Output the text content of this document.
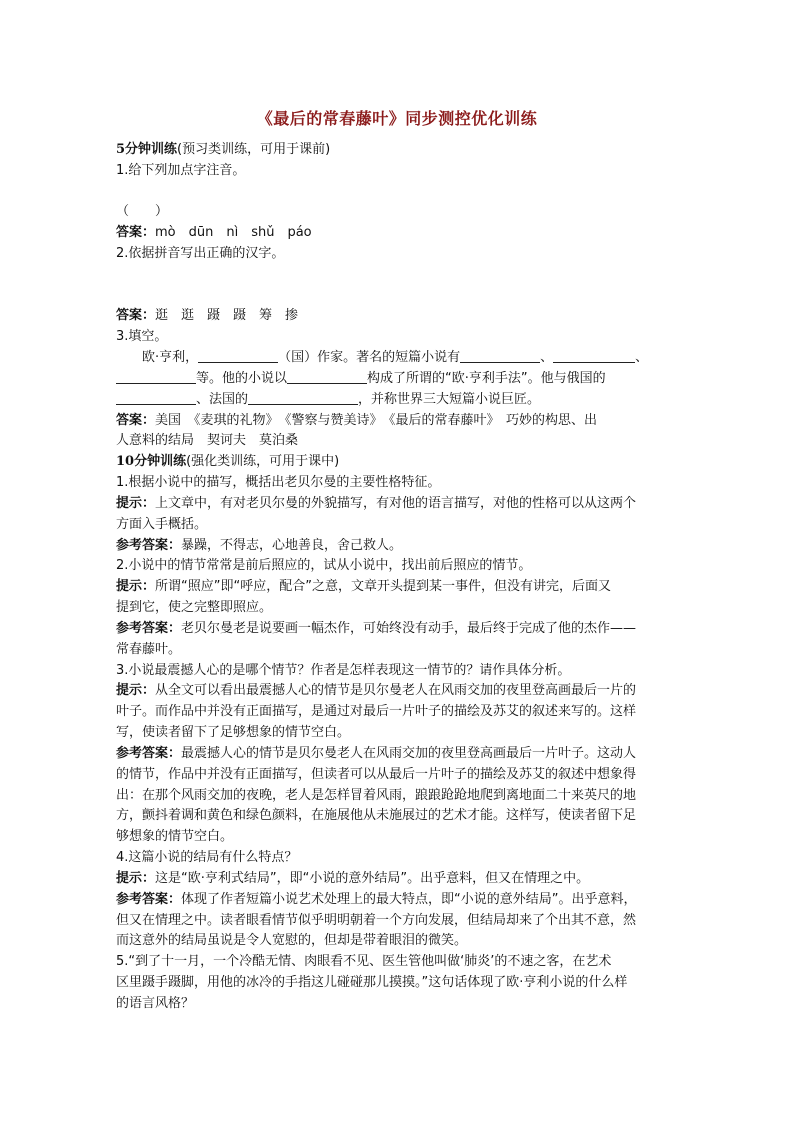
《最后的常春藤叶》同步测控优化训练
5分钟训练(预习类训练，可用于课前)
1.给下列加点字注音。
（　　）
答案：mò　dūn　nì　shǔ　páo
2.依据拼音写出正确的汉字。
答案：逛　逛　蹑　蹑　筹　掺
3.填空。
欧·亨利，	（国）作家。著名的短篇小说有	、	、
等。他的小说以	构成了所谓的“欧·亨利手法”。他与俄国的
、法国的	，并称世界三大短篇小说巨匠。
答案：美国　《麦琪的礼物》　《警察与赞美诗》　《最后的常春藤叶》　巧妙的构思、出
人意料的结局　契诃夫　莫泊桑
10分钟训练(强化类训练，可用于课中)
1.根据小说中的描写，概括出老贝尔曼的主要性格特征。
提示：上文章中，有对老贝尔曼的外貌描写，有对他的语言描写，对他的性格可以从这两个
方面入手概括。
参考答案：暴躁，不得志，心地善良，舍己救人。
2.小说中的情节常常是前后照应的，试从小说中，找出前后照应的情节。
提示：所谓“照应”即“呼应，配合”之意，文章开头提到某一事件，但没有讲完，后面又
提到它，使之完整即照应。
参考答案：老贝尔曼老是说要画一幅杰作，可始终没有动手，最后终于完成了他的杰作——
常春藤叶。
3.小说最震撼人心的是哪个情节？作者是怎样表现这一情节的？请作具体分析。
提示：从全文可以看出最震撼人心的情节是贝尔曼老人在风雨交加的夜里登高画最后一片的
叶子。而作品中并没有正面描写，是通过对最后一片叶子的描绘及苏艾的叙述来写的。这样
写，使读者留下了足够想象的情节空白。
参考答案：最震撼人心的情节是贝尔曼老人在风雨交加的夜里登高画最后一片叶子。这动人
的情节，作品中并没有正面描写，但读者可以从最后一片叶子的描绘及苏艾的叙述中想象得
出：在那个风雨交加的夜晚，老人是怎样冒着风雨，踉踉跄跄地爬到离地面二十来英尺的地
方，颤抖着调和黄色和绿色颜料，在施展他从未施展过的艺术才能。这样写，使读者留下足
够想象的情节空白。
4.这篇小说的结局有什么特点？
提示：这是“欧·亨利式结局”，即“小说的意外结局”。出乎意料，但又在情理之中。
参考答案：体现了作者短篇小说艺术处理上的最大特点，即“小说的意外结局”。出乎意料，
但又在情理之中。读者眼看情节似乎明明朝着一个方向发展，但结局却来了个出其不意，然
而这意外的结局虽说是令人宽慰的，但却是带着眼泪的微笑。
5.“到了十一月，一个冷酷无情、肉眼看不见、医生管他叫做‘肺炎’的不速之客，在艺术
区里蹑手蹑脚，用他的冰冷的手指这儿碰碰那儿摸摸。”这句话体现了欧·亨利小说的什么样
的语言风格？
